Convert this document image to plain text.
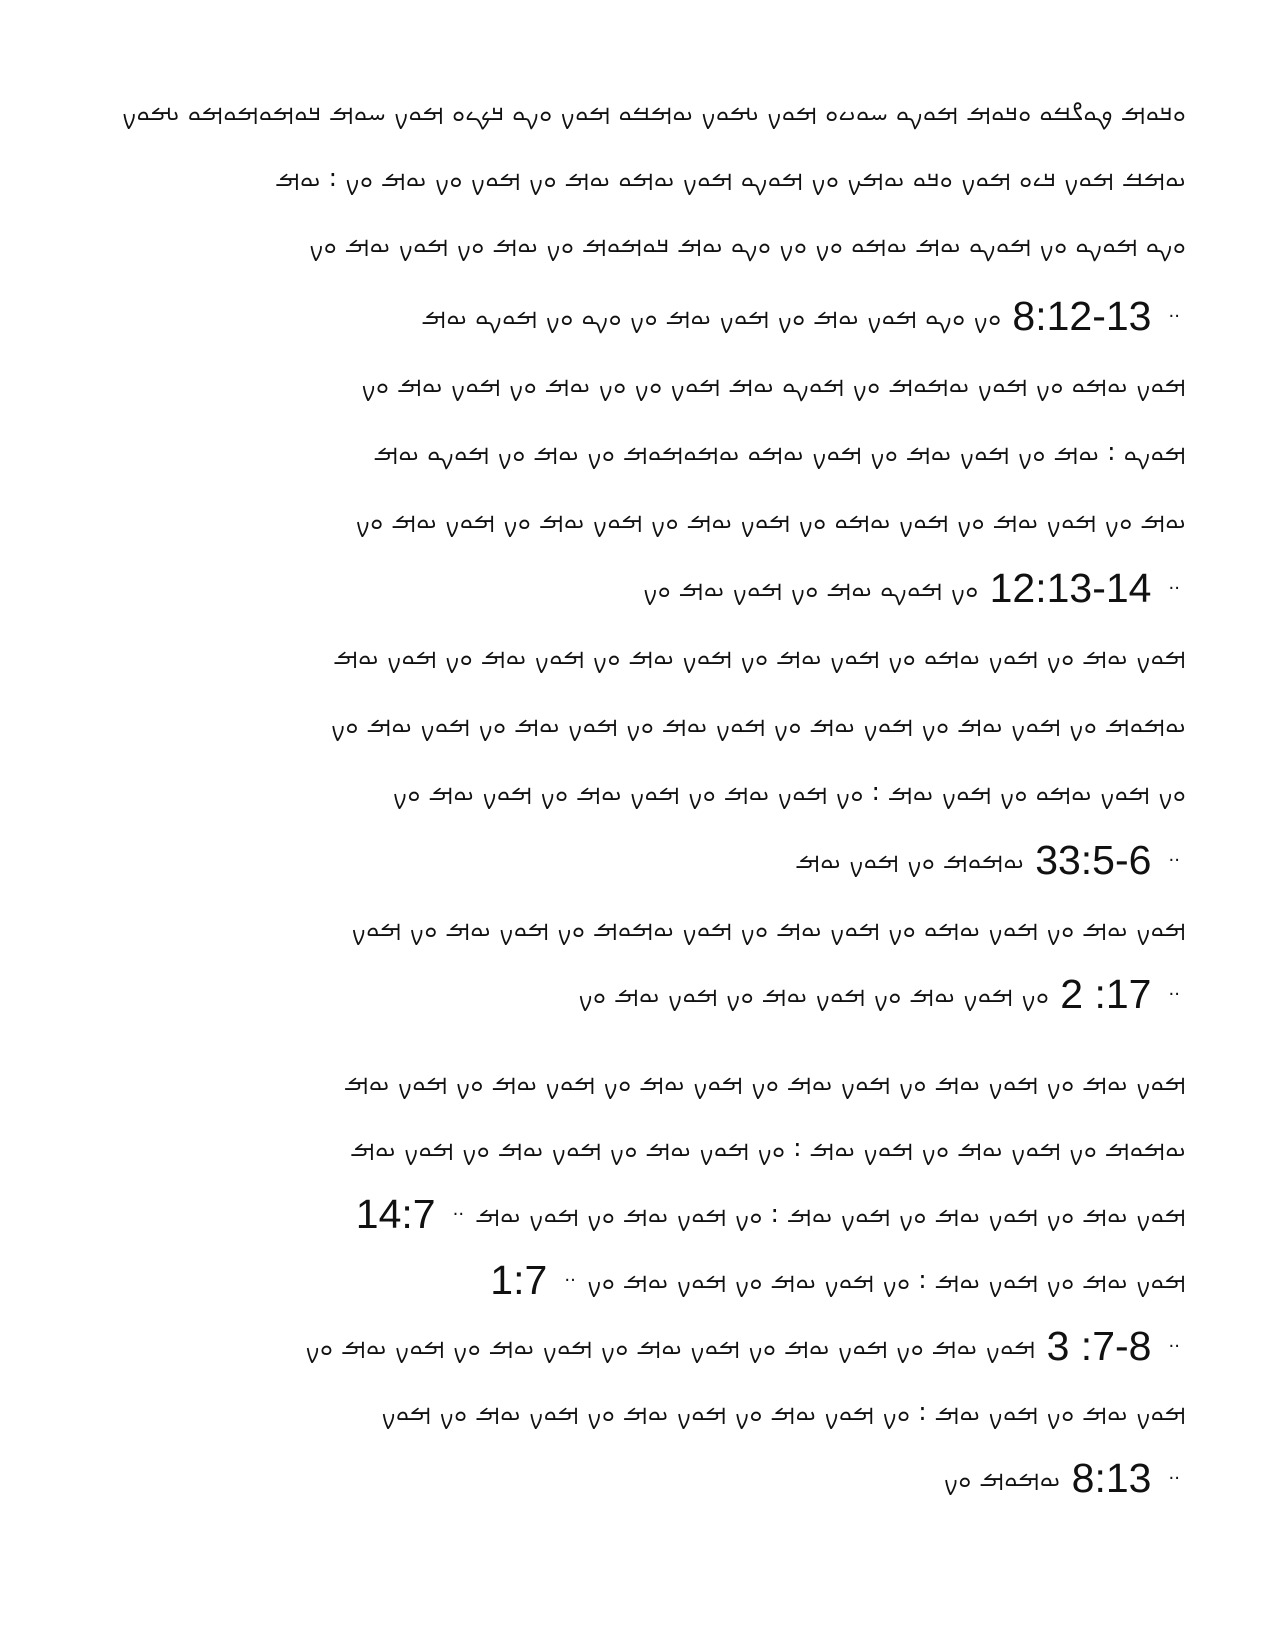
ࡀࡃࡀࡌ ࡐࡀࡂࡓࡀ ࡀࡃࡀࡌ ࡌࡀࡍࡀ ࡄࡀࡅࡉࡀ ࡌࡀࡍ ࡅࡌࡀࡍ ࡅࡀࡌࡓࡀ ࡌࡀࡍ ࡀࡍࡀ ࡃࡊࡉࡀ ࡌࡀࡍ ࡄࡀࡌ ࡃࡀࡌࡀࡌࡀࡌࡀ ࡅࡌࡀࡍ
ࡅࡀࡌࡓ ࡌࡀࡍ ࡃࡉࡀ ࡌࡀࡍ ࡀࡃࡀ ࡅࡀࡌࡍ ࡀࡍ ࡌࡀࡍࡀ ࡌࡀࡍ ࡅࡀࡌࡀ ࡅࡀࡌ ࡀࡍ ࡌࡀࡍ ࡀࡍ ࡅࡀࡌ ࡀࡍ : ࡅࡀࡌ
ࡀࡍࡀ ࡌࡀࡍࡀ ࡀࡍ ࡌࡀࡍࡀ ࡅࡀࡌ ࡅࡀࡌࡀ ࡀࡍ ࡀࡍ ࡀࡍࡀ ࡅࡀࡌ ࡃࡀࡌࡀࡌ ࡀࡍ ࡅࡀࡌ ࡀࡍ ࡌࡀࡍ ࡅࡀࡌ ࡀࡍ
·· 8:12-13 ࡀࡍ ࡀࡍࡀ ࡌࡀࡍ ࡅࡀࡌ ࡀࡍ ࡌࡀࡍ ࡅࡀࡌ ࡀࡍ ࡀࡍࡀ ࡀࡍ ࡌࡀࡍࡀ ࡅࡀࡌ
ࡌࡀࡍ ࡅࡀࡌࡀ ࡀࡍ ࡌࡀࡍ ࡅࡀࡌࡀࡌ ࡀࡍ ࡌࡀࡍࡀ ࡅࡀࡌ ࡌࡀࡍ ࡀࡍ ࡀࡍ ࡅࡀࡌ ࡀࡍ ࡌࡀࡍ ࡅࡀࡌ ࡀࡍ
ࡌࡀࡍࡀ : ࡅࡀࡌ ࡀࡍ ࡌࡀࡍ ࡅࡀࡌ ࡀࡍ ࡌࡀࡍ ࡅࡀࡌࡀ ࡅࡀࡌࡀࡌࡀࡌ ࡀࡍ ࡅࡀࡌ ࡀࡍ ࡌࡀࡍࡀ ࡅࡀࡌ
ࡅࡀࡌ ࡀࡍ ࡌࡀࡍ ࡅࡀࡌ ࡀࡍ ࡌࡀࡍ ࡅࡀࡌࡀ ࡀࡍ ࡌࡀࡍ ࡅࡀࡌ ࡀࡍ ࡌࡀࡍ ࡅࡀࡌ ࡀࡍ ࡌࡀࡍ ࡅࡀࡌ ࡀࡍ
·· 12:13-14 ࡀࡍ ࡌࡀࡍࡀ ࡅࡀࡌ ࡀࡍ ࡌࡀࡍ ࡅࡀࡌ ࡀࡍ
ࡌࡀࡍ ࡅࡀࡌ ࡀࡍ ࡌࡀࡍ ࡅࡀࡌࡀ ࡀࡍ ࡌࡀࡍ ࡅࡀࡌ ࡀࡍ ࡌࡀࡍ ࡅࡀࡌ ࡀࡍ ࡌࡀࡍ ࡅࡀࡌ ࡀࡍ ࡌࡀࡍ ࡅࡀࡌ
ࡅࡀࡌࡀࡌ ࡀࡍ ࡌࡀࡍ ࡅࡀࡌ ࡀࡍ ࡌࡀࡍ ࡅࡀࡌ ࡀࡍ ࡌࡀࡍ ࡅࡀࡌ ࡀࡍ ࡌࡀࡍ ࡅࡀࡌ ࡀࡍ ࡌࡀࡍ ࡅࡀࡌ ࡀࡍ
ࡀࡍ ࡌࡀࡍ ࡅࡀࡌࡀ ࡀࡍ ࡌࡀࡍ ࡅࡀࡌ : ࡀࡍ ࡌࡀࡍ ࡅࡀࡌ ࡀࡍ ࡌࡀࡍ ࡅࡀࡌ ࡀࡍ ࡌࡀࡍ ࡅࡀࡌ ࡀࡍ
·· 33:5-6 ࡅࡀࡌࡀࡌ ࡀࡍ ࡌࡀࡍ ࡅࡀࡌ
ࡌࡀࡍ ࡅࡀࡌ ࡀࡍ ࡌࡀࡍ ࡅࡀࡌࡀ ࡀࡍ ࡌࡀࡍ ࡅࡀࡌ ࡀࡍ ࡌࡀࡍ ࡅࡀࡌࡀࡌ ࡀࡍ ࡌࡀࡍ ࡅࡀࡌ ࡀࡍ ࡌࡀࡍ
·· 2 :17 ࡀࡍ ࡌࡀࡍ ࡅࡀࡌ ࡀࡍ ࡌࡀࡍ ࡅࡀࡌ ࡀࡍ ࡌࡀࡍ ࡅࡀࡌ ࡀࡍ
ࡌࡀࡍ ࡅࡀࡌ ࡀࡍ ࡌࡀࡍ ࡅࡀࡌ ࡀࡍ ࡌࡀࡍ ࡅࡀࡌ ࡀࡍ ࡌࡀࡍ ࡅࡀࡌ ࡀࡍ ࡌࡀࡍ ࡅࡀࡌ ࡀࡍ ࡌࡀࡍ ࡅࡀࡌ
ࡅࡀࡌࡀࡌ ࡀࡍ ࡌࡀࡍ ࡅࡀࡌ ࡀࡍ ࡌࡀࡍ ࡅࡀࡌ : ࡀࡍ ࡌࡀࡍ ࡅࡀࡌ ࡀࡍ ࡌࡀࡍ ࡅࡀࡌ ࡀࡍ ࡌࡀࡍ ࡅࡀࡌ
ࡌࡀࡍ ࡅࡀࡌ ࡀࡍ ࡌࡀࡍ ࡅࡀࡌ ࡀࡍ ࡌࡀࡍ ࡅࡀࡌ : ࡀࡍ ࡌࡀࡍ ࡅࡀࡌ ࡀࡍ ࡌࡀࡍ ࡅࡀࡌ ·· 14:7
ࡌࡀࡍ ࡅࡀࡌ ࡀࡍ ࡌࡀࡍ ࡅࡀࡌ : ࡀࡍ ࡌࡀࡍ ࡅࡀࡌ ࡀࡍ ࡌࡀࡍ ࡅࡀࡌ ࡀࡍ ·· 1:7
·· 3 :7-8 ࡌࡀࡍ ࡅࡀࡌ ࡀࡍ ࡌࡀࡍ ࡅࡀࡌ ࡀࡍ ࡌࡀࡍ ࡅࡀࡌ ࡀࡍ ࡌࡀࡍ ࡅࡀࡌ ࡀࡍ ࡌࡀࡍ ࡅࡀࡌ ࡀࡍ
ࡌࡀࡍ ࡅࡀࡌ ࡀࡍ ࡌࡀࡍ ࡅࡀࡌ : ࡀࡍ ࡌࡀࡍ ࡅࡀࡌ ࡀࡍ ࡌࡀࡍ ࡅࡀࡌ ࡀࡍ ࡌࡀࡍ ࡅࡀࡌ ࡀࡍ ࡌࡀࡍ
·· 8:13 ࡅࡀࡌࡀࡌ ࡀࡍ
